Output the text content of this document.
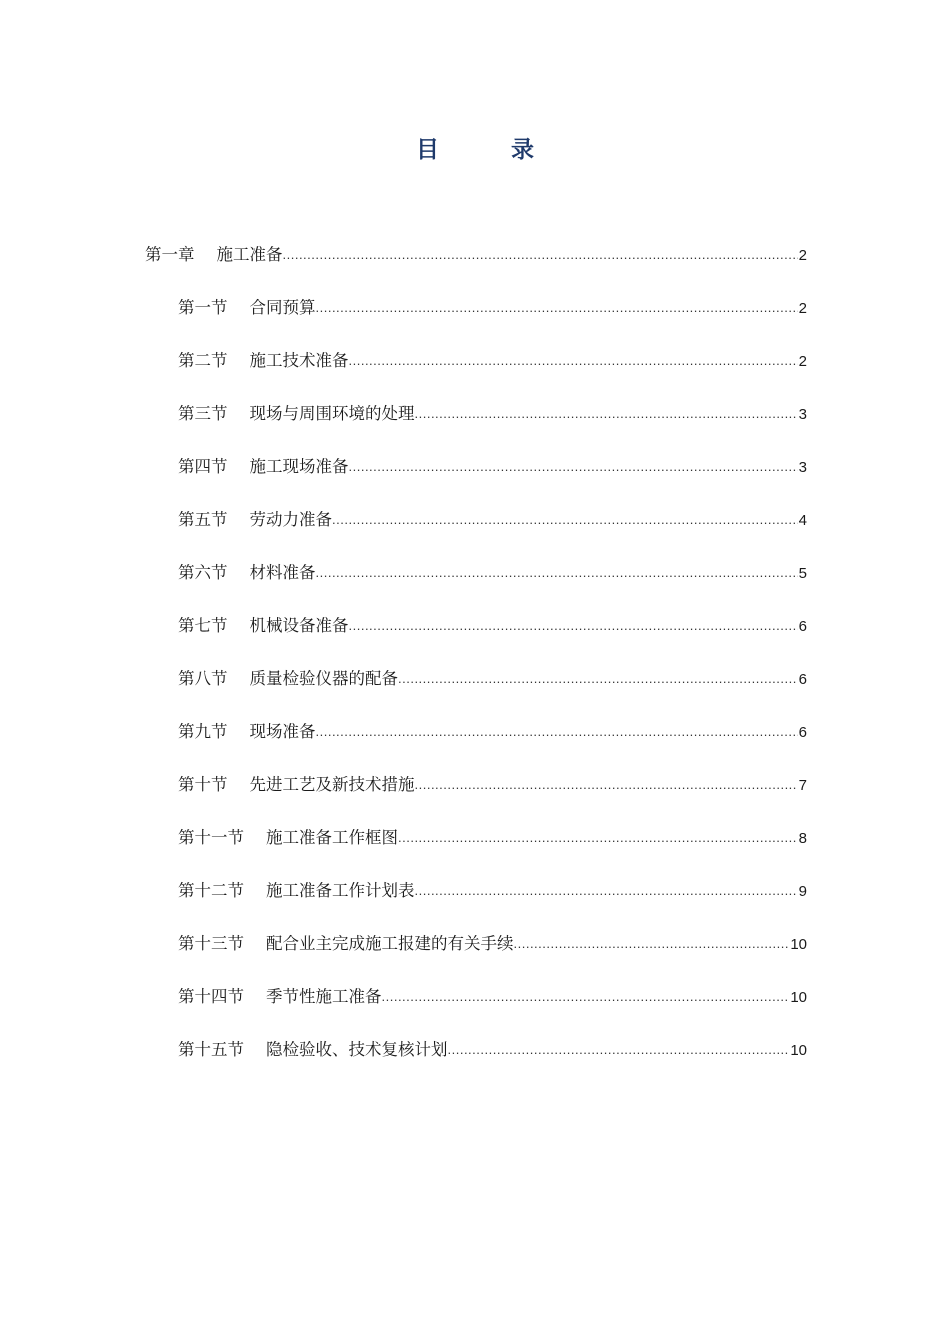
目 录
第一章 施工准备 .....	2
第一节 合同预算 .....	2
第二节 施工技术准备 .....	2
第三节 现场与周围环境的处理 .....	3
第四节 施工现场准备 .....	3
第五节 劳动力准备 .....	4
第六节 材料准备 .....	5
第七节 机械设备准备 .....	6
第八节 质量检验仪器的配备 .....	6
第九节 现场准备 .....	6
第十节 先进工艺及新技术措施 .....	7
第十一节 施工准备工作框图 .....	8
第十二节 施工准备工作计划表 .....	9
第十三节 配合业主完成施工报建的有关手续 .....	10
第十四节 季节性施工准备 .....	10
第十五节 隐检验收、技术复核计划 .....	10
